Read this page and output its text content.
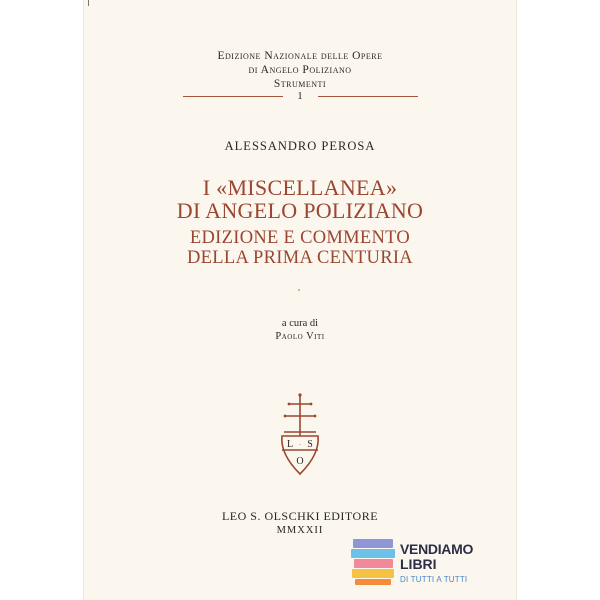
Edizione Nazionale delle Opere
di Angelo Poliziano
Strumenti
1
ALESSANDRO PEROSA
I «MISCELLANEA»
DI ANGELO POLIZIANO
EDIZIONE E COMMENTO
DELLA PRIMA CENTURIA
a cura di
Paolo Viti
L . S
O
LEO S. OLSCHKI EDITORE
MMXXII
VENDIAMO
LIBRI
DI TUTTI A TUTTI
